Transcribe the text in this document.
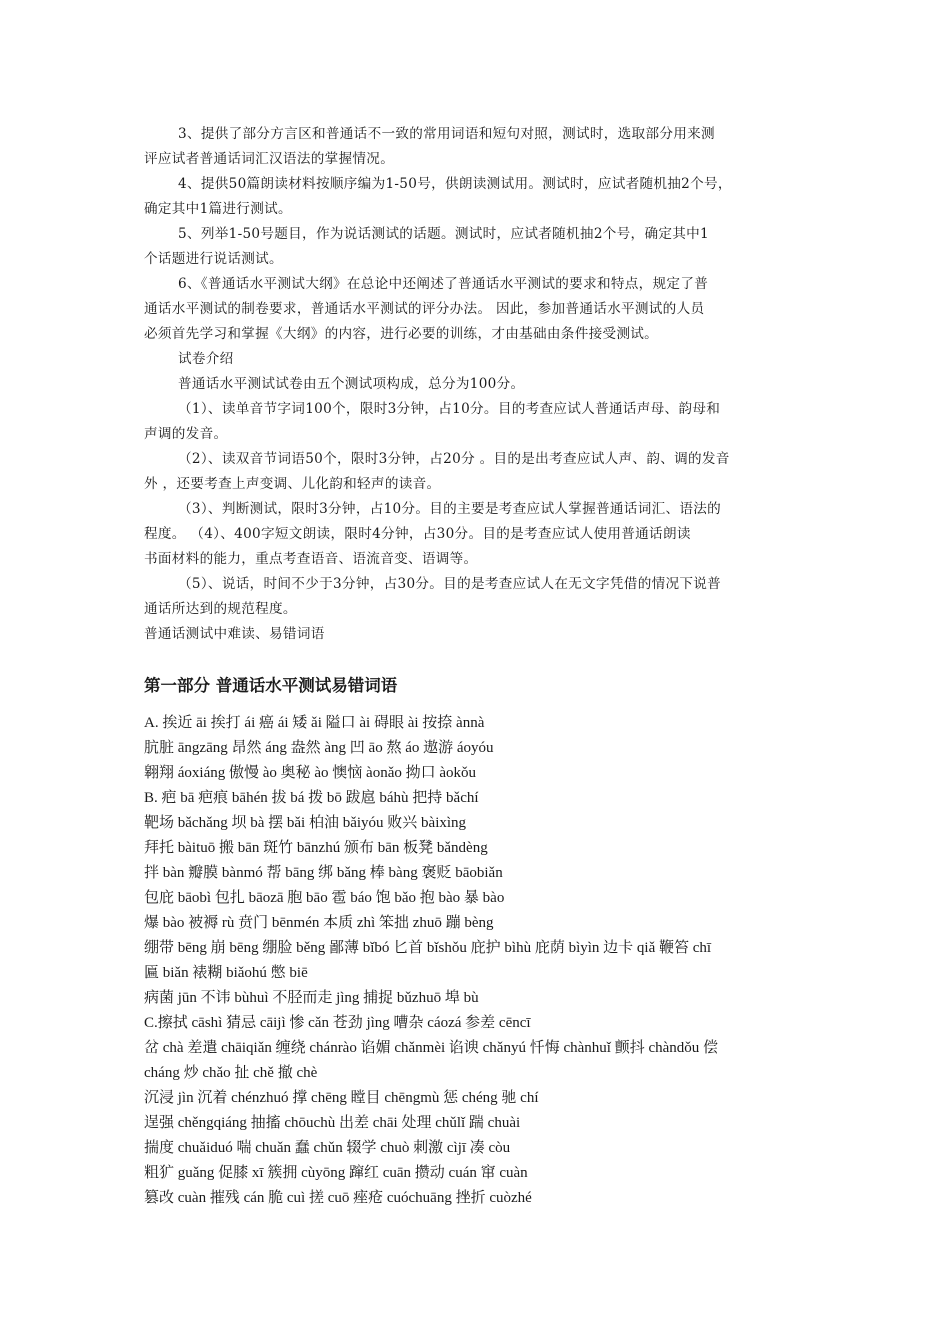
3、提供了部分方言区和普通话不一致的常用词语和短句对照，测试时，选取部分用来测

评应试者普通话词汇汉语法的掌握情况。

4、提供50篇朗读材料按顺序编为1-50号，供朗读测试用。测试时，应试者随机抽2个号，

确定其中1篇进行测试。

5、列举1-50号题目，作为说话测试的话题。测试时，应试者随机抽2个号，确定其中1

个话题进行说话测试。

6、《普通话水平测试大纲》在总论中还阐述了普通话水平测试的要求和特点，规定了普

通话水平测试的制卷要求，普通话水平测试的评分办法。 因此，参加普通话水平测试的人员

必须首先学习和掌握《大纲》的内容，进行必要的训练，才由基础由条件接受测试。

试卷介绍

普通话水平测试试卷由五个测试项构成，总分为100分。

（1）、读单音节字词100个，限时3分钟，占10分。目的考查应试人普通话声母、韵母和

声调的发音。

（2）、读双音节词语50个，限时3分钟，占20分 。目的是出考查应试人声、韵、调的发音

外 ，还要考查上声变调、儿化韵和轻声的读音。

（3）、判断测试，限时3分钟，占10分。目的主要是考查应试人掌握普通话词汇、语法的

程度。 （4）、400字短文朗读，限时4分钟，占30分。目的是考查应试人使用普通话朗读

书面材料的能力，重点考查语音、语流音变、语调等。

（5）、说话，时间不少于3分钟，占30分。目的是考查应试人在无文字凭借的情况下说普

通话所达到的规范程度。

普通话测试中难读、易错词语

第一部分 普通话水平测试易错词语

A. 挨近 āi 挨打 ái 癌 ái 矮 ǎi 隘口 ài 碍眼 ài 按捺 ànnà

肮脏 āngzāng 昂然 áng 盎然 àng 凹 āo 熬 áo 遨游 áoyóu

翱翔 áoxiáng 傲慢 ào 奥秘 ào 懊恼 àonǎo 拗口 àokǒu

B. 疤 bā 疤痕 bāhén 拔 bá 拨 bō 跋扈 báhù 把持 bǎchí

靶场 bǎchǎng 坝 bà 摆 bǎi 柏油 bǎiyóu 败兴 bàixìng

拜托 bàituō 搬 bān 斑竹 bānzhú 颁布 bān 板凳 bǎndèng

拌 bàn 瓣膜 bànmó 帮 bāng 绑 bǎng 棒 bàng 褒贬 bāobiǎn

包庇 bāobì 包扎 bāozā 胞 bāo 雹 báo 饱 bǎo 抱 bào 暴 bào

爆 bào 被褥 rù 贲门 bēnmén 本质 zhì 笨拙 zhuō 蹦 bèng

绷带 bēng 崩 bēng 绷脸 běng 鄙薄 bǐbó 匕首 bǐshǒu 庇护 bìhù 庇荫 bìyìn 边卡 qiǎ 鞭笞 chī

匾 biǎn 裱糊 biǎohú 憋 biē

病菌 jūn 不讳 bùhuì 不胫而走 jìng 捕捉 bǔzhuō 埠 bù

C.擦拭 cāshì 猜忌 cāijì 惨 cǎn 苍劲 jìng 嘈杂 cáozá 参差 cēncī

岔 chà 差遣 chāiqiǎn 缠绕 chánrào 谄媚 chǎnmèi 谄谀 chǎnyú 忏悔 chànhuǐ 颤抖 chàndǒu 偿

cháng 炒 chǎo 扯 chě 撤 chè

沉浸 jìn 沉着 chénzhuó 撑 chēng 瞠目 chēngmù 惩 chéng 驰 chí

逞强 chěngqiáng 抽搐 chōuchù 出差 chāi 处理 chǔlǐ 踹 chuài

揣度 chuǎiduó 喘 chuǎn 蠢 chǔn 辍学 chuò 刺激 cìjī 凑 còu

粗犷 guǎng 促膝 xī 簇拥 cùyōng 蹿红 cuān 攒动 cuán 窜 cuàn

篡改 cuàn 摧残 cán 脆 cuì 搓 cuō 痤疮 cuóchuāng 挫折 cuòzhé
